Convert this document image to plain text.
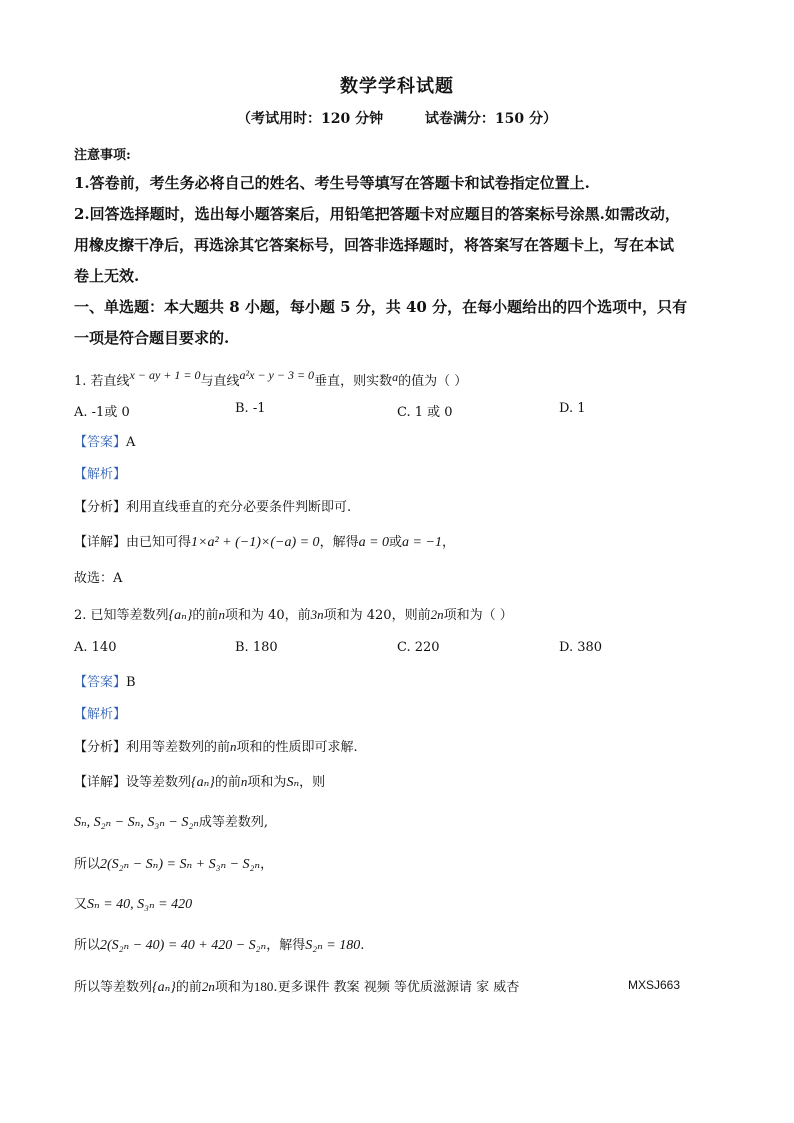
数学学科试题
（考试用时：120 分钟	试卷满分：150 分）
注意事项:
1.答卷前，考生务必将自己的姓名、考生号等填写在答题卡和试卷指定位置上.
2.回答选择题时，选出每小题答案后，用铅笔把答题卡对应题目的答案标号涂黑.如需改动，
用橡皮擦干净后，再选涂其它答案标号，回答非选择题时，将答案写在答题卡上，写在本试
卷上无效.
一、单选题：本大题共 8 小题，每小题 5 分，共 40 分，在每小题给出的四个选项中，只有
一项是符合题目要求的.
1. 若直线$^{x - ay + 1 = 0}$与直线$^{a^2x - y - 3 = 0}$垂直，则实数$^a$的值为（ ）
A. -1或 0	B. -1	C. 1 或 0	D. 1
【答案】A
【解析】
【分析】利用直线垂直的充分必要条件判断即可.
【详解】由已知可得1×a² + (−1)×(−a) = 0，解得a = 0或a = −1，
故选：A
2. 已知等差数列{aₙ}的前n项和为 40，前3n项和为 420，则前2n项和为（ ）
A. 140	B. 180	C. 220	D. 380
【答案】B
【解析】
【分析】利用等差数列的前n项和的性质即可求解.
【详解】设等差数列{aₙ}的前n项和为Sₙ，则
Sₙ, S₂ₙ − Sₙ, S₃ₙ − S₂ₙ成等差数列,
所以2(S₂ₙ − Sₙ) = Sₙ + S₃ₙ − S₂ₙ，
又Sₙ = 40, S₃ₙ = 420
所以2(S₂ₙ − 40) = 40 + 420 − S₂ₙ，解得S₂ₙ = 180.
所以等差数列{aₙ}的前2n项和为180.更多课件 教案 视频 等优质滋源请 家 威杏	MXSJ663
